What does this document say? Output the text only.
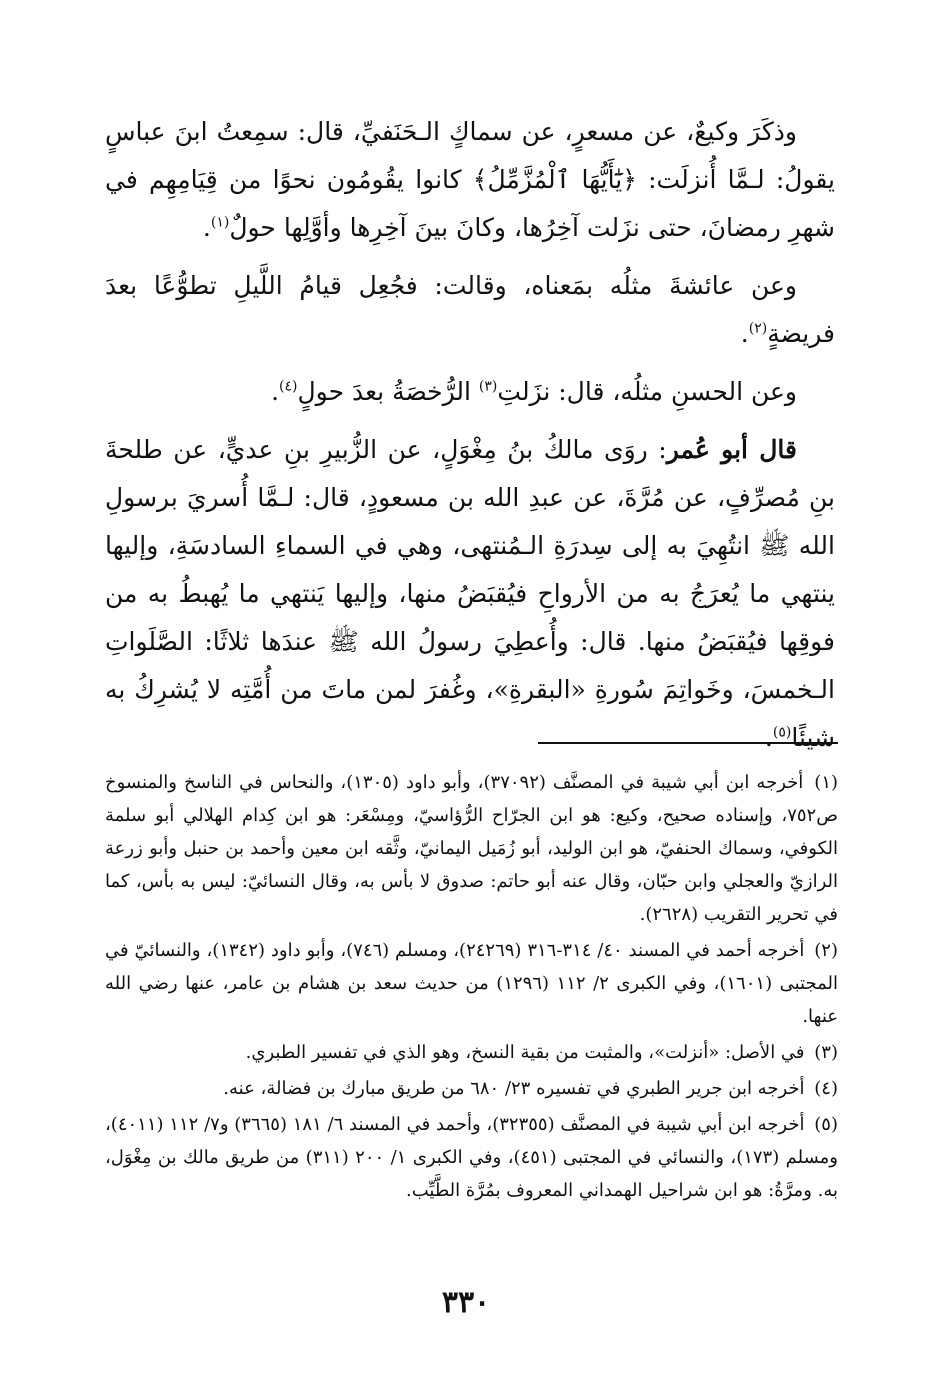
وذكَرَ وكيعٌ، عن مسعرٍ، عن سماكٍ الـحَنَفيِّ، قال: سمِعتُ ابنَ عباسٍ يقولُ: لـمَّا أُنزلَت: ﴿يَٰٓأَيُّهَا ٱلْمُزَّمِّلُ﴾ كانوا يقُومُون نحوًا من قِيَامِهِم في شهرِ رمضانَ، حتى نزَلت آخِرُها، وكانَ بينَ آخِرِها وأوَّلِها حولٌ$^{(١)}$.

وعن عائشةَ مثلُه بمَعناه، وقالت: فجُعِل قيامُ اللَّيلِ تطوُّعًا بعدَ فريضةٍ$^{(٢)}$.

وعن الحسنِ مثلُه، قال: نزَلتِ$^{(٣)}$ الرُّخصَةُ بعدَ حولٍ$^{(٤)}$.

قال أبو عُمر: روَى مالكُ بنُ مِغْوَلٍ، عن الزُّبيرِ بنِ عديٍّ، عن طلحةَ بنِ مُصرِّفٍ، عن مُرَّةَ، عن عبدِ الله بن مسعودٍ، قال: لـمَّا أُسريَ برسولِ الله ﷺ انتُهِيَ به إلى سِدرَةِ الـمُنتهى، وهي في السماءِ السادسَةِ، وإليها ينتهي ما يُعرَجُ به من الأرواحِ فيُقبَضُ منها، وإليها يَنتهي ما يُهبطُ به من فوقِها فيُقبَضُ منها. قال: وأُعطِيَ رسولُ الله ﷺ عندَها ثلاثًا: الصَّلَواتِ الـخمسَ، وخَواتِمَ سُورةِ «البقرةِ»، وغُفرَ لمن ماتَ من أُمَّتِه لا يُشرِكُ به شيئًا$^{(٥)}$.

(١) أخرجه ابن أبي شيبة في المصنَّف (٣٧٠٩٢)، وأبو داود (١٣٠٥)، والنحاس في الناسخ والمنسوخ ص٧٥٢، وإسناده صحيح، وكيع: هو ابن الجرّاح الرُّؤاسيّ، ومِسْعَر: هو ابن كِدام الهلالي أبو سلمة الكوفي، وسماك الحنفيّ، هو ابن الوليد، أبو زُمَيل اليمانيّ، وثَّقه ابن معين وأحمد بن حنبل وأبو زرعة الرازيّ والعجلي وابن حبّان، وقال عنه أبو حاتم: صدوق لا بأس به، وقال النسائيّ: ليس به بأس، كما في تحرير التقريب (٢٦٢٨).

(٢) أخرجه أحمد في المسند ٤٠/ ٣١٤-٣١٦ (٢٤٢٦٩)، ومسلم (٧٤٦)، وأبو داود (١٣٤٢)، والنسائيّ في المجتبى (١٦٠١)، وفي الكبرى ٢/ ١١٢ (١٢٩٦) من حديث سعد بن هشام بن عامر، عنها رضي الله عنها.

(٣) في الأصل: «أنزلت»، والمثبت من بقية النسخ، وهو الذي في تفسير الطبري.

(٤) أخرجه ابن جرير الطبري في تفسيره ٢٣/ ٦٨٠ من طريق مبارك بن فضالة، عنه.

(٥) أخرجه ابن أبي شيبة في المصنَّف (٣٢٣٥٥)، وأحمد في المسند ٦/ ١٨١ (٣٦٦٥) و٧/ ١١٢ (٤٠١١)، ومسلم (١٧٣)، والنسائي في المجتبى (٤٥١)، وفي الكبرى ١/ ٢٠٠ (٣١١) من طريق مالك بن مِغْوَل، به. ومرَّةُ: هو ابن شراحيل الهمداني المعروف بمُرَّة الطَّيِّب.

٣٣٠
